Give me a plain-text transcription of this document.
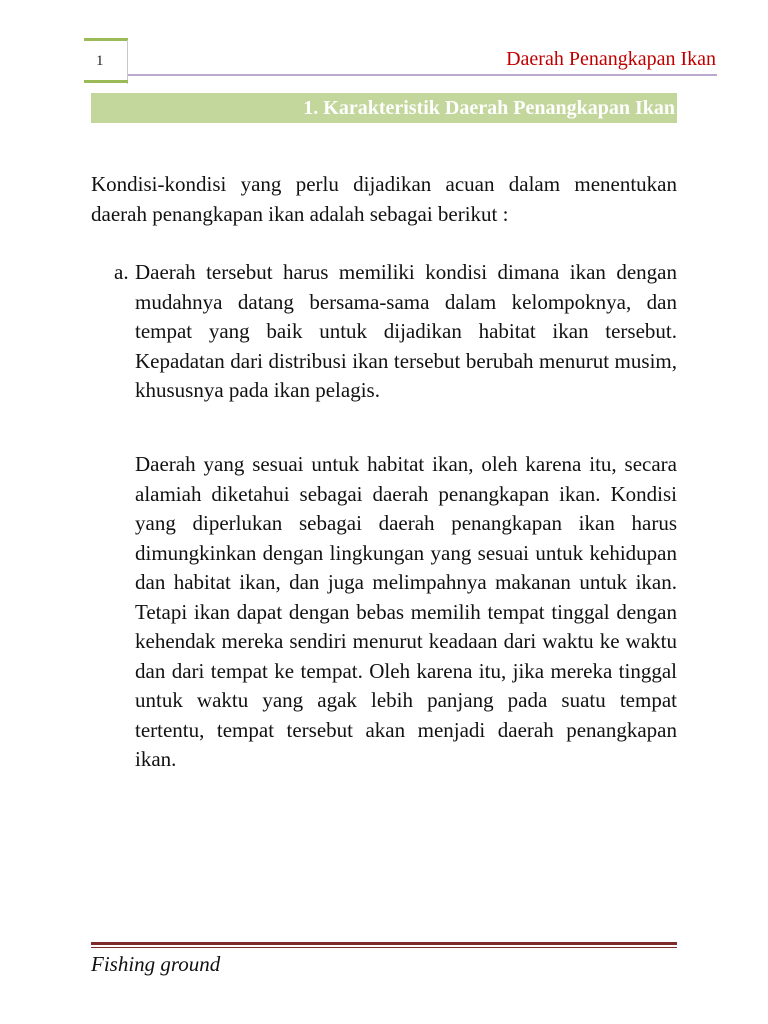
1	Daerah Penangkapan Ikan
1. Karakteristik Daerah Penangkapan Ikan

Kondisi-kondisi yang perlu dijadikan acuan dalam menentukan daerah penangkapan ikan adalah sebagai berikut :

a. Daerah tersebut harus memiliki kondisi dimana ikan dengan mudahnya datang bersama-sama dalam kelompoknya, dan tempat yang baik untuk dijadikan habitat ikan tersebut. Kepadatan dari distribusi ikan tersebut berubah menurut musim, khususnya pada ikan pelagis.

Daerah yang sesuai untuk habitat ikan, oleh karena itu, secara alamiah diketahui sebagai daerah penangkapan ikan. Kondisi yang diperlukan sebagai daerah penangkapan ikan harus dimungkinkan dengan lingkungan yang sesuai untuk kehidupan dan habitat ikan, dan juga melimpahnya makanan untuk ikan. Tetapi ikan dapat dengan bebas memilih tempat tinggal dengan kehendak mereka sendiri menurut keadaan dari waktu ke waktu dan dari tempat ke tempat. Oleh karena itu, jika mereka tinggal untuk waktu yang agak lebih panjang pada suatu tempat tertentu, tempat tersebut akan menjadi daerah penangkapan ikan.

Fishing ground
